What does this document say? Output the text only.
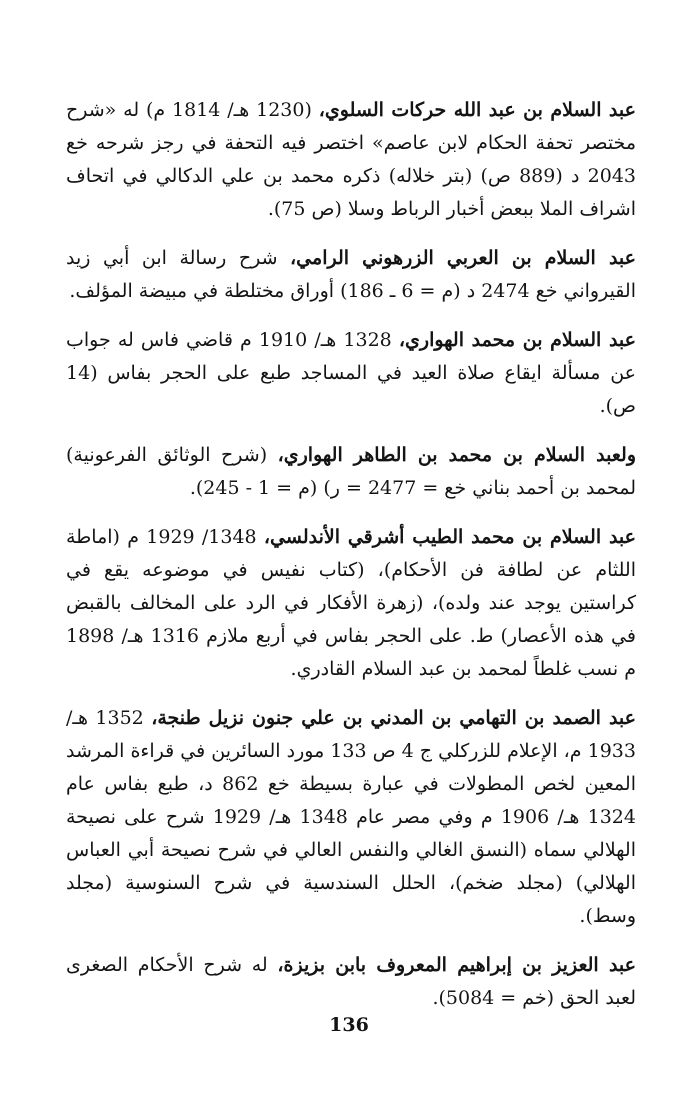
عبد السلام بن عبد الله حركات السلوي، (1230 هـ/ 1814 م) له «شرح مختصر تحفة الحكام لابن عاصم» اختصر فيه التحفة في رجز شرحه خع 2043 د (889 ص) (بتر خلاله) ذكره محمد بن علي الدكالي في اتحاف اشراف الملا ببعض أخبار الرباط وسلا (ص 75).

عبد السلام بن العربي الزرهوني الرامي، شرح رسالة ابن أبي زيد القيرواني خع 2474 د (م = 6 ـ 186) أوراق مختلطة في مبيضة المؤلف.

عبد السلام بن محمد الهواري، 1328 هـ/ 1910 م قاضي فاس له جواب عن مسألة ايقاع صلاة العيد في المساجد طبع على الحجر بفاس (14 ص).

ولعبد السلام بن محمد بن الطاهر الهواري، (شرح الوثائق الفرعونية) لمحمد بن أحمد بناني خع = 2477 = ر) (م = 1 - 245).

عبد السلام بن محمد الطيب أشرقي الأندلسي، 1348/ 1929 م (اماطة اللثام عن لطافة فن الأحكام)، (كتاب نفيس في موضوعه يقع في كراستين يوجد عند ولده)، (زهرة الأفكار في الرد على المخالف بالقبض في هذه الأعصار) ط. على الحجر بفاس في أربع ملازم 1316 هـ/ 1898 م نسب غلطاً لمحمد بن عبد السلام القادري.

عبد الصمد بن التهامي بن المدني بن علي جنون نزيل طنجة، 1352 هـ/ 1933 م، الإعلام للزركلي ج 4 ص 133 مورد السائرين في قراءة المرشد المعين لخص المطولات في عبارة بسيطة خع 862 د، طبع بفاس عام 1324 هـ/ 1906 م وفي مصر عام 1348 هـ/ 1929 شرح على نصيحة الهلالي سماه (النسق الغالي والنفس العالي في شرح نصيحة أبي العباس الهلالي) (مجلد ضخم)، الحلل السندسية في شرح السنوسية (مجلد وسط).

عبد العزيز بن إبراهيم المعروف بابن بزيزة، له شرح الأحكام الصغرى لعبد الحق (خم = 5084).

136
